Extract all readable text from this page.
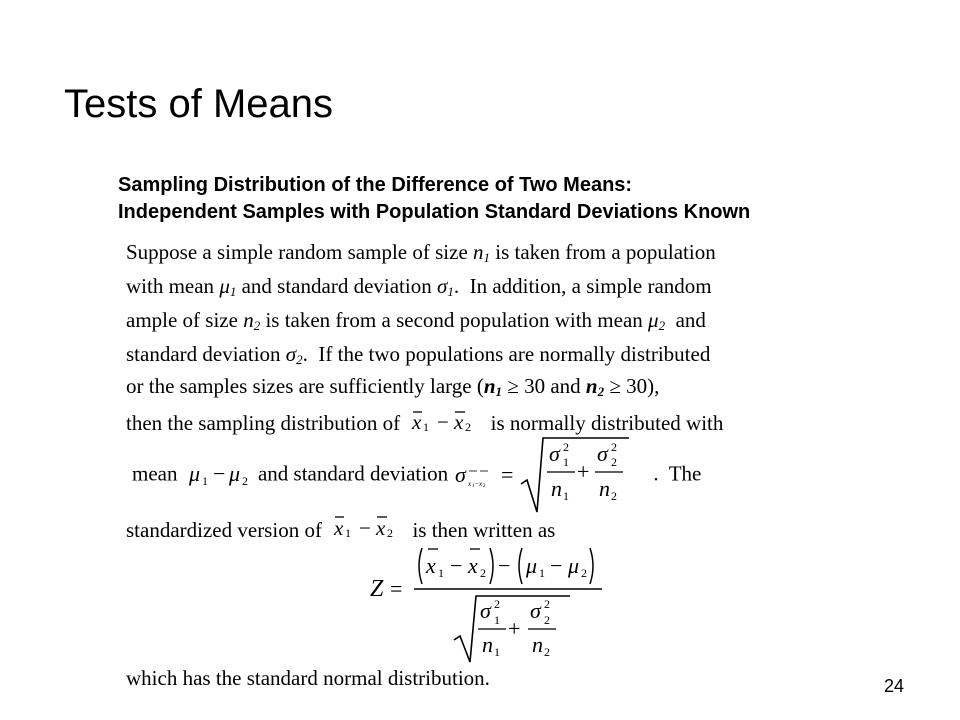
Tests of Means
Sampling Distribution of the Difference of Two Means:
Independent Samples with Population Standard Deviations Known
Suppose a simple random sample of size $n_1$ is taken from a population
with mean $\mu_1$ and standard deviation $\sigma_1$.  In addition, a simple random
ample of size $n_2$ is taken from a second population with mean $\mu_2$  and
standard deviation $\sigma_2$.  If the two populations are normally distributed
or the samples sizes are sufficiently large ($n_1 \ge 30$ and $n_2 \ge 30$),
then the sampling distribution of x 1 − x 2 is normally distributed with
mean μ 1 − μ 2 and standard deviation σ x 1 − x 2 =
σ 1
2
n 1
+
σ 2
2
n 2
.  The
standardized version of x 1 − x 2 is then written as
Z =
x 1 − x 2 − μ 1 − μ 2
σ 1
2
n 1
+
σ 2
2
n 2
which has the standard normal distribution.	24
